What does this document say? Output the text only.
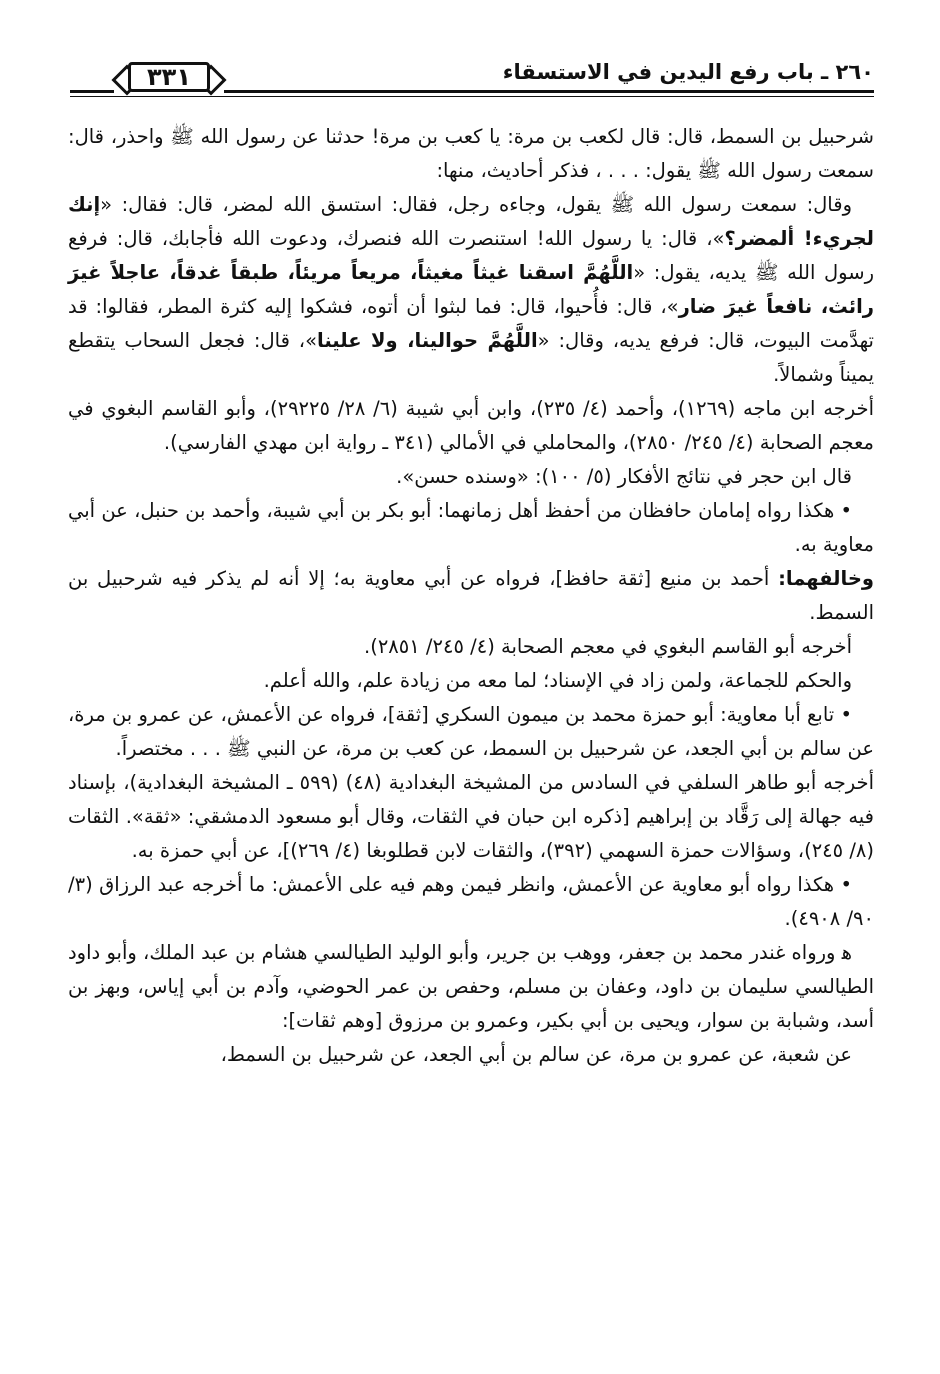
٢٦٠ ـ باب رفع اليدين في الاستسقاء
٣٣١

شرحبيل بن السمط، قال: قال لكعب بن مرة: يا كعب بن مرة! حدثنا عن رسول الله ﷺ واحذر، قال: سمعت رسول الله ﷺ يقول: . . . ، فذكر أحاديث، منها:

وقال: سمعت رسول الله ﷺ يقول، وجاءه رجل، فقال: استسق الله لمضر، قال: فقال: «إنك لجريء! ألمضر؟»، قال: يا رسول الله! استنصرت الله فنصرك، ودعوت الله فأجابك، قال: فرفع رسول الله ﷺ يديه، يقول: «اللَّهُمَّ اسقنا غيثاً مغيثاً، مريعاً مريئاً، طبقاً غدقاً، عاجلاً غيرَ رائث، نافعاً غيرَ ضار»، قال: فأُحيوا، قال: فما لبثوا أن أتوه، فشكوا إليه كثرة المطر، فقالوا: قد تهدَّمت البيوت، قال: فرفع يديه، وقال: «اللَّهُمَّ حوالينا، ولا علينا»، قال: فجعل السحاب يتقطع يميناً وشمالاً.

أخرجه ابن ماجه (١٢٦٩)، وأحمد (٤/ ٢٣٥)، وابن أبي شيبة (٦/ ٢٨/ ٢٩٢٢٥)، وأبو القاسم البغوي في معجم الصحابة (٤/ ٢٤٥/ ٢٨٥٠)، والمحاملي في الأمالي (٣٤١ ـ رواية ابن مهدي الفارسي).

قال ابن حجر في نتائج الأفكار (٥/ ١٠٠): «وسنده حسن».

• هكذا رواه إمامان حافظان من أحفظ أهل زمانهما: أبو بكر بن أبي شيبة، وأحمد بن حنبل، عن أبي معاوية به.

وخالفهما: أحمد بن منيع [ثقة حافظ]، فرواه عن أبي معاوية به؛ إلا أنه لم يذكر فيه شرحبيل بن السمط.

أخرجه أبو القاسم البغوي في معجم الصحابة (٤/ ٢٤٥/ ٢٨٥١).

والحكم للجماعة، ولمن زاد في الإسناد؛ لما معه من زيادة علم، والله أعلم.

• تابع أبا معاوية: أبو حمزة محمد بن ميمون السكري [ثقة]، فرواه عن الأعمش، عن عمرو بن مرة، عن سالم بن أبي الجعد، عن شرحبيل بن السمط، عن كعب بن مرة، عن النبي ﷺ . . . مختصراً.

أخرجه أبو طاهر السلفي في السادس من المشيخة البغدادية (٤٨) (٥٩٩ ـ المشيخة البغدادية)، بإسناد فيه جهالة إلى رَقَّاد بن إبراهيم [ذكره ابن حبان في الثقات، وقال أبو مسعود الدمشقي: «ثقة». الثقات (٨/ ٢٤٥)، وسؤالات حمزة السهمي (٣٩٢)، والثقات لابن قطلوبغا (٤/ ٢٦٩)]، عن أبي حمزة به.

• هكذا رواه أبو معاوية عن الأعمش، وانظر فيمن وهم فيه على الأعمش: ما أخرجه عبد الرزاق (٣/ ٩٠/ ٤٩٠٨).

ﻫ ورواه غندر محمد بن جعفر، ووهب بن جرير، وأبو الوليد الطيالسي هشام بن عبد الملك، وأبو داود الطيالسي سليمان بن داود، وعفان بن مسلم، وحفص بن عمر الحوضي، وآدم بن أبي إياس، وبهز بن أسد، وشبابة بن سوار، ويحيى بن أبي بكير، وعمرو بن مرزوق [وهم ثقات]:

عن شعبة، عن عمرو بن مرة، عن سالم بن أبي الجعد، عن شرحبيل بن السمط،
